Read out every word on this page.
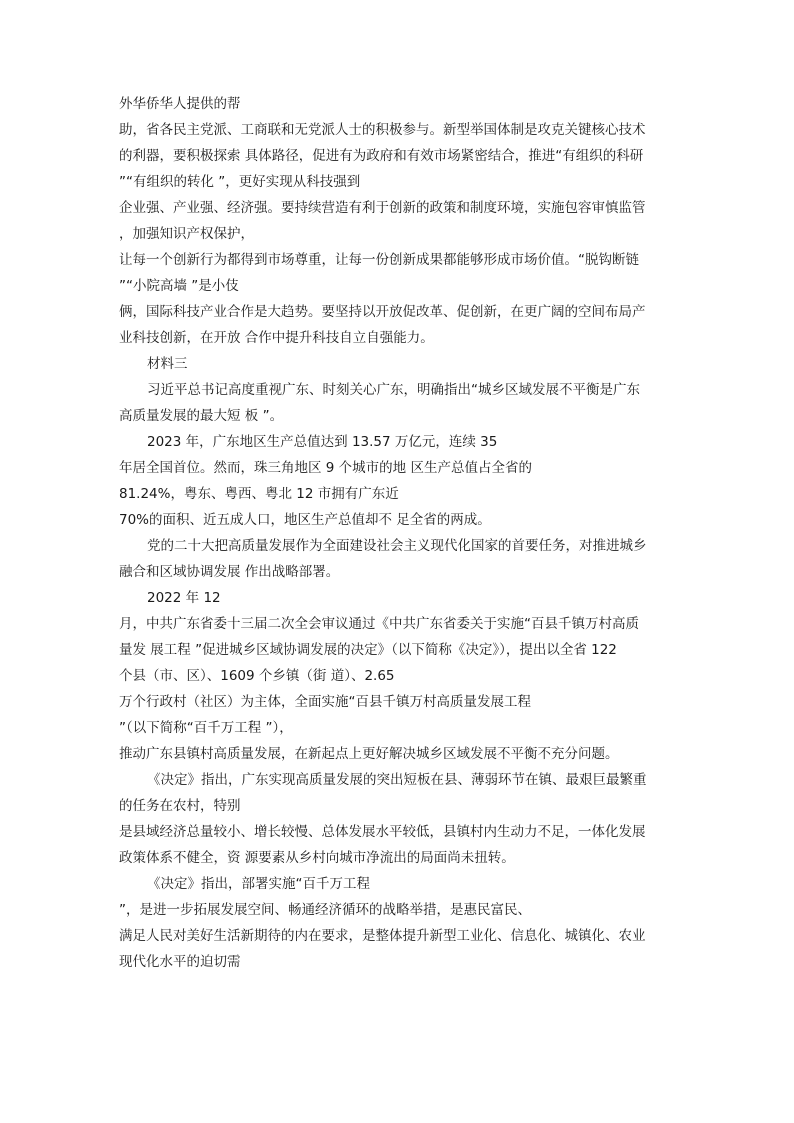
外华侨华人提供的帮
助，省各民主党派、工商联和无党派人士的积极参与。新型举国体制是攻克关键核心技术
的利器，要积极探索 具体路径，促进有为政府和有效市场紧密结合，推进“有组织的科研
”“有组织的转化 ”，更好实现从科技强到
企业强、产业强、经济强。要持续营造有利于创新的政策和制度环境，实施包容审慎监管
，加强知识产权保护，
让每一个创新行为都得到市场尊重，让每一份创新成果都能够形成市场价值。“脱钩断链
”“小院高墙 ”是小伎
俩，国际科技产业合作是大趋势。要坚持以开放促改革、促创新，在更广阔的空间布局产
业科技创新，在开放 合作中提升科技自立自强能力。
材料三
习近平总书记高度重视广东、时刻关心广东，明确指出“城乡区域发展不平衡是广东
高质量发展的最大短 板 ”。
2023 年，广东地区生产总值达到 13.57 万亿元，连续 35
年居全国首位。然而，珠三角地区 9 个城市的地 区生产总值占全省的
81.24%，粤东、粤西、粤北 12 市拥有广东近
70%的面积、近五成人口，地区生产总值却不 足全省的两成。
党的二十大把高质量发展作为全面建设社会主义现代化国家的首要任务，对推进城乡
融合和区域协调发展 作出战略部署。
2022 年 12
月，中共广东省委十三届二次全会审议通过《中共广东省委关于实施“百县千镇万村高质
量发 展工程 ”促进城乡区域协调发展的决定》（以下简称《决定》），提出以全省 122
个县（市、区）、1609 个乡镇（街 道）、2.65
万个行政村（社区）为主体，全面实施“百县千镇万村高质量发展工程
”（以下简称“百千万工程 ”），
推动广东县镇村高质量发展，在新起点上更好解决城乡区域发展不平衡不充分问题。
《决定》指出，广东实现高质量发展的突出短板在县、薄弱环节在镇、最艰巨最繁重
的任务在农村，特别
是县域经济总量较小、增长较慢、总体发展水平较低，县镇村内生动力不足，一体化发展
政策体系不健全，资 源要素从乡村向城市净流出的局面尚未扭转。
《决定》指出，部署实施“百千万工程
”，是进一步拓展发展空间、畅通经济循环的战略举措，是惠民富民、
满足人民对美好生活新期待的内在要求，是整体提升新型工业化、信息化、城镇化、农业
现代化水平的迫切需
